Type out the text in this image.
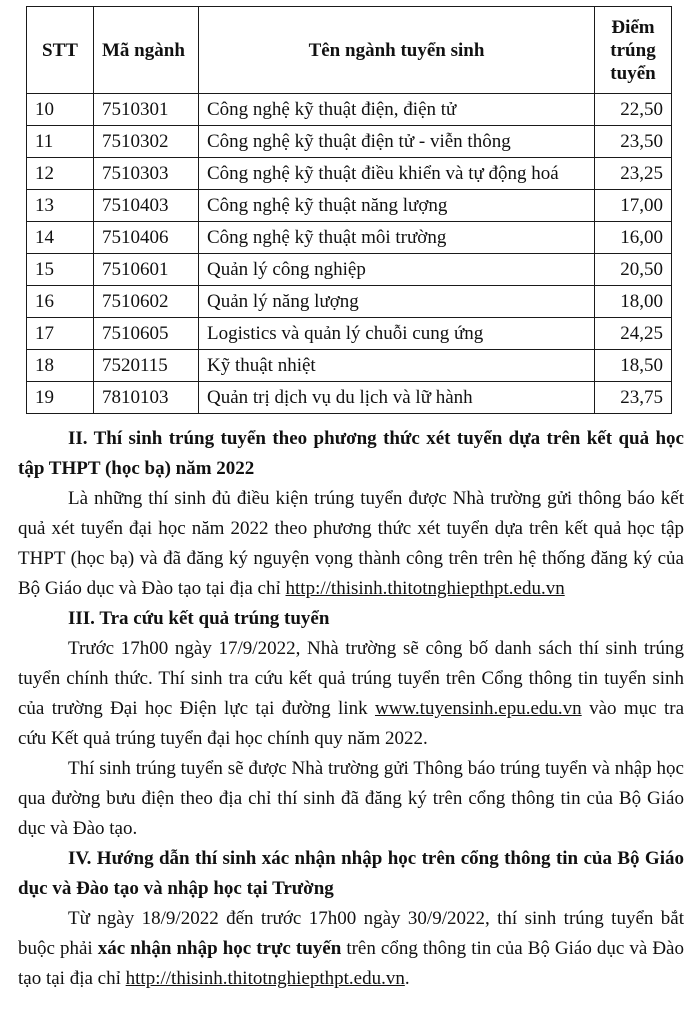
STT	Mã ngành	Tên ngành tuyển sinh	Điểm
trúng
tuyển

10	7510301	Công nghệ kỹ thuật điện, điện tử	22,50
11	7510302	Công nghệ kỹ thuật điện tử - viễn thông	23,50
12	7510303	Công nghệ kỹ thuật điều khiển và tự động hoá	23,25
13	7510403	Công nghệ kỹ thuật năng lượng	17,00
14	7510406	Công nghệ kỹ thuật môi trường	16,00
15	7510601	Quản lý công nghiệp	20,50
16	7510602	Quản lý năng lượng	18,00
17	7510605	Logistics và quản lý chuỗi cung ứng	24,25
18	7520115	Kỹ thuật nhiệt	18,50
19	7810103	Quản trị dịch vụ du lịch và lữ hành	23,75

II. Thí sinh trúng tuyển theo phương thức xét tuyển dựa trên kết quả học tập THPT (học bạ) năm 2022

Là những thí sinh đủ điều kiện trúng tuyển được Nhà trường gửi thông báo kết quả xét tuyển đại học năm 2022 theo phương thức xét tuyển dựa trên kết quả học tập THPT (học bạ) và đã đăng ký nguyện vọng thành công trên trên hệ thống đăng ký của Bộ Giáo dục và Đào tạo tại địa chỉ http://thisinh.thitotnghiepthpt.edu.vn

III. Tra cứu kết quả trúng tuyển

Trước 17h00 ngày 17/9/2022, Nhà trường sẽ công bố danh sách thí sinh trúng tuyển chính thức. Thí sinh tra cứu kết quả trúng tuyển trên Cổng thông tin tuyển sinh của trường Đại học Điện lực tại đường link www.tuyensinh.epu.edu.vn vào mục tra cứu Kết quả trúng tuyển đại học chính quy năm 2022.

Thí sinh trúng tuyển sẽ được Nhà trường gửi Thông báo trúng tuyển và nhập học qua đường bưu điện theo địa chỉ thí sinh đã đăng ký trên cổng thông tin của Bộ Giáo dục và Đào tạo.

IV. Hướng dẫn thí sinh xác nhận nhập học trên cổng thông tin của Bộ Giáo dục và Đào tạo và nhập học tại Trường

Từ ngày 18/9/2022 đến trước 17h00 ngày 30/9/2022, thí sinh trúng tuyển bắt buộc phải xác nhận nhập học trực tuyến trên cổng thông tin của Bộ Giáo dục và Đào tạo tại địa chỉ http://thisinh.thitotnghiepthpt.edu.vn.
